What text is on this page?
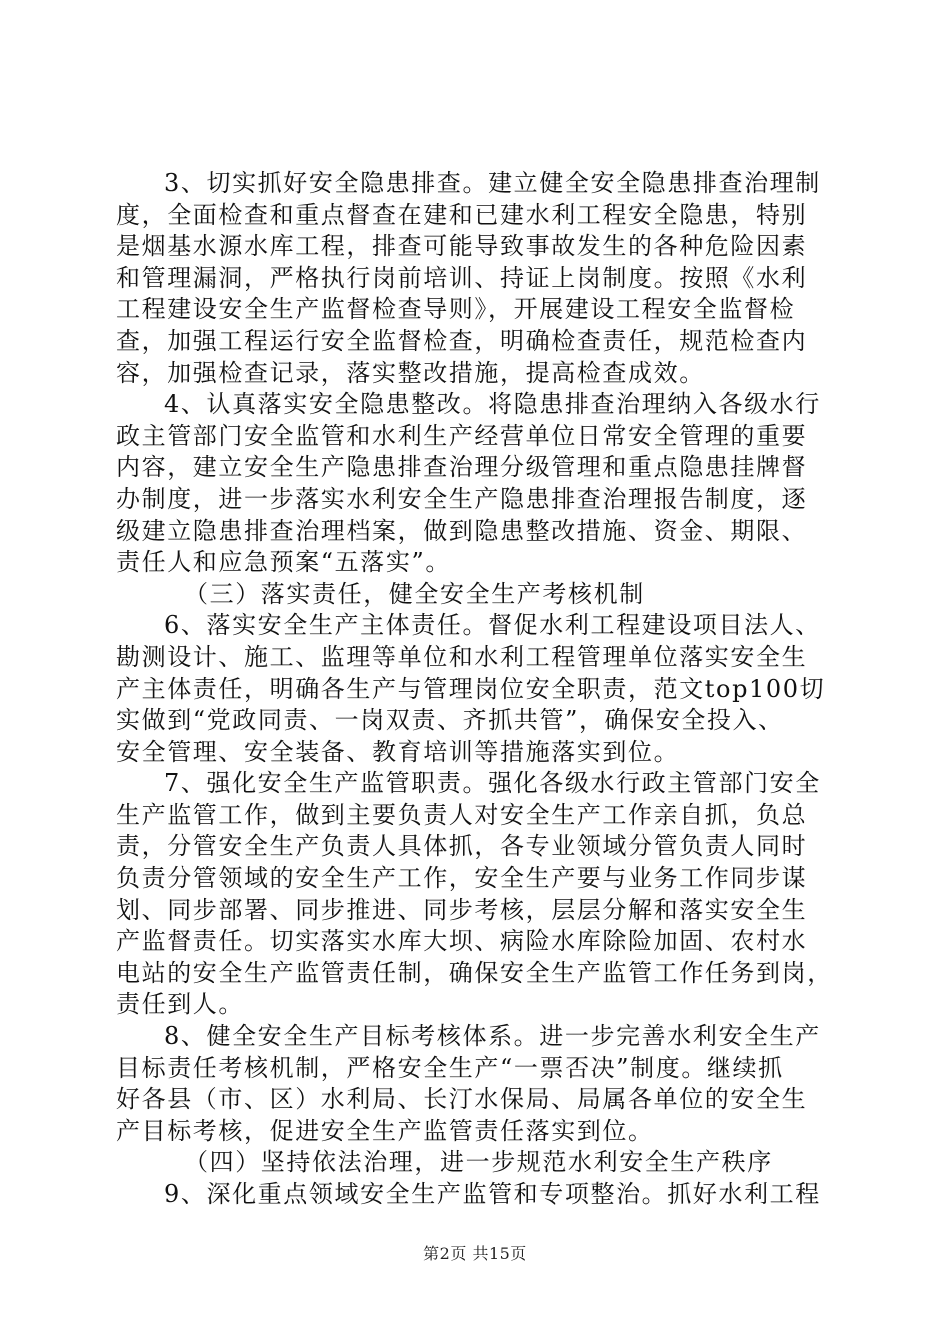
3、切实抓好安全隐患排查。建立健全安全隐患排查治理制
度，全面检查和重点督查在建和已建水利工程安全隐患，特别
是烟基水源水库工程，排查可能导致事故发生的各种危险因素
和管理漏洞，严格执行岗前培训、持证上岗制度。按照《水利
工程建设安全生产监督检查导则》，开展建设工程安全监督检
查，加强工程运行安全监督检查，明确检查责任，规范检查内
容，加强检查记录，落实整改措施，提高检查成效。
4、认真落实安全隐患整改。将隐患排查治理纳入各级水行
政主管部门安全监管和水利生产经营单位日常安全管理的重要
内容，建立安全生产隐患排查治理分级管理和重点隐患挂牌督
办制度，进一步落实水利安全生产隐患排查治理报告制度，逐
级建立隐患排查治理档案，做到隐患整改措施、资金、期限、
责任人和应急预案“五落实”。
（三）落实责任，健全安全生产考核机制
6、落实安全生产主体责任。督促水利工程建设项目法人、
勘测设计、施工、监理等单位和水利工程管理单位落实安全生
产主体责任，明确各生产与管理岗位安全职责，范文top100切
实做到“党政同责、一岗双责、齐抓共管”，确保安全投入、
安全管理、安全装备、教育培训等措施落实到位。
7、强化安全生产监管职责。强化各级水行政主管部门安全
生产监管工作，做到主要负责人对安全生产工作亲自抓，负总
责，分管安全生产负责人具体抓，各专业领域分管负责人同时
负责分管领域的安全生产工作，安全生产要与业务工作同步谋
划、同步部署、同步推进、同步考核，层层分解和落实安全生
产监督责任。切实落实水库大坝、病险水库除险加固、农村水
电站的安全生产监管责任制，确保安全生产监管工作任务到岗，
责任到人。
8、健全安全生产目标考核体系。进一步完善水利安全生产
目标责任考核机制，严格安全生产“一票否决”制度。继续抓
好各县（市、区）水利局、长汀水保局、局属各单位的安全生
产目标考核，促进安全生产监管责任落实到位。
（四）坚持依法治理，进一步规范水利安全生产秩序
9、深化重点领域安全生产监管和专项整治。抓好水利工程
第2页 共15页
